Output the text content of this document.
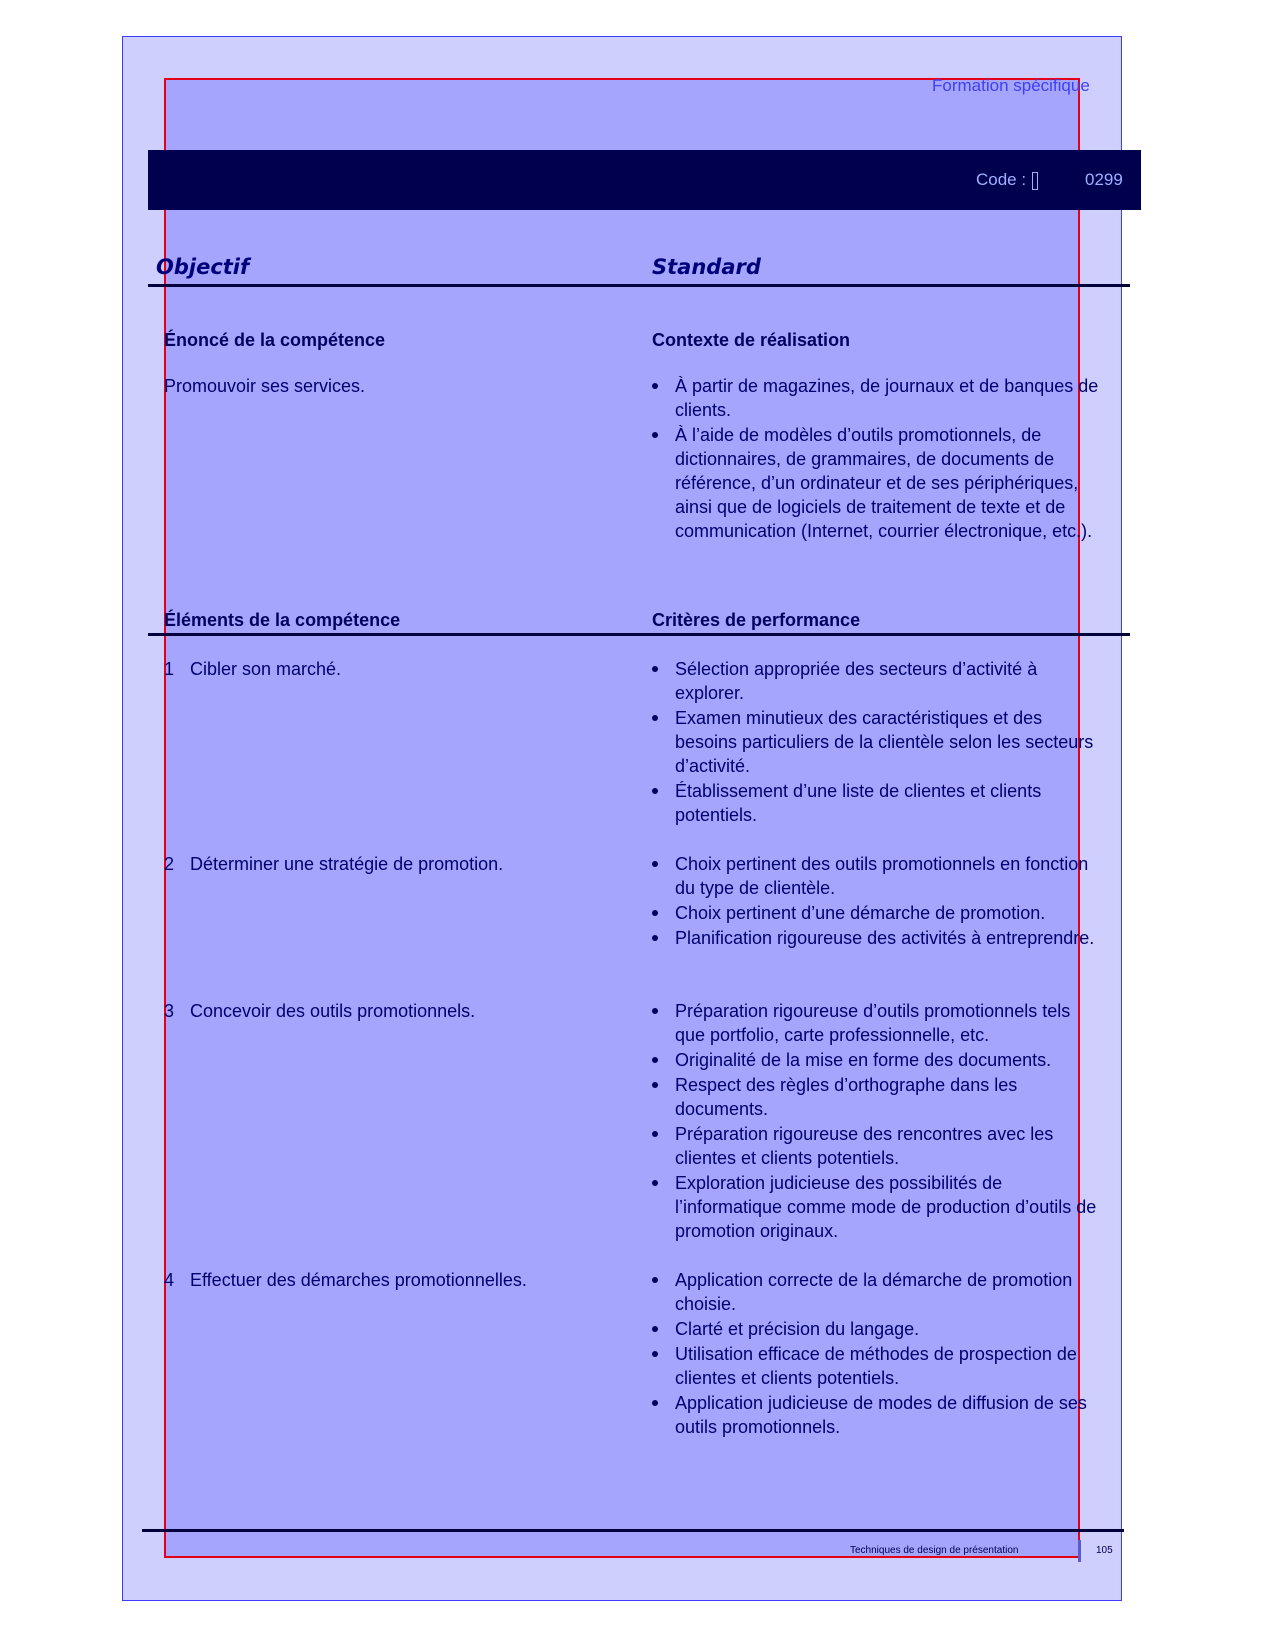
Formation spécifique
Code :	0299
Objectif	Standard
Énoncé de la compétence	Contexte de réalisation
Promouvoir ses services.	À partir de magazines, de journaux et de banques de clients.
À l’aide de modèles d’outils promotionnels, de dictionnaires, de grammaires, de documents de référence, d’un ordinateur et de ses périphériques, ainsi que de logiciels de traitement de texte et de communication (Internet, courrier électronique, etc.).
Éléments de la compétence	Critères de performance
1 Cibler son marché.	Sélection appropriée des secteurs d’activité à explorer.
Examen minutieux des caractéristiques et des besoins particuliers de la clientèle selon les secteurs d’activité.
Établissement d’une liste de clientes et clients potentiels.
2 Déterminer une stratégie de promotion.	Choix pertinent des outils promotionnels en fonction du type de clientèle.
Choix pertinent d’une démarche de promotion.
Planification rigoureuse des activités à entreprendre.
3 Concevoir des outils promotionnels.	Préparation rigoureuse d’outils promotionnels tels que portfolio, carte professionnelle, etc.
Originalité de la mise en forme des documents.
Respect des règles d’orthographe dans les documents.
Préparation rigoureuse des rencontres avec les clientes et clients potentiels.
Exploration judicieuse des possibilités de l’informatique comme mode de production d’outils de promotion originaux.
4 Effectuer des démarches promotionnelles.	Application correcte de la démarche de promotion choisie.
Clarté et précision du langage.
Utilisation efficace de méthodes de prospection de clientes et clients potentiels.
Application judicieuse de modes de diffusion de ses outils promotionnels.
Techniques de design de présentation	105
